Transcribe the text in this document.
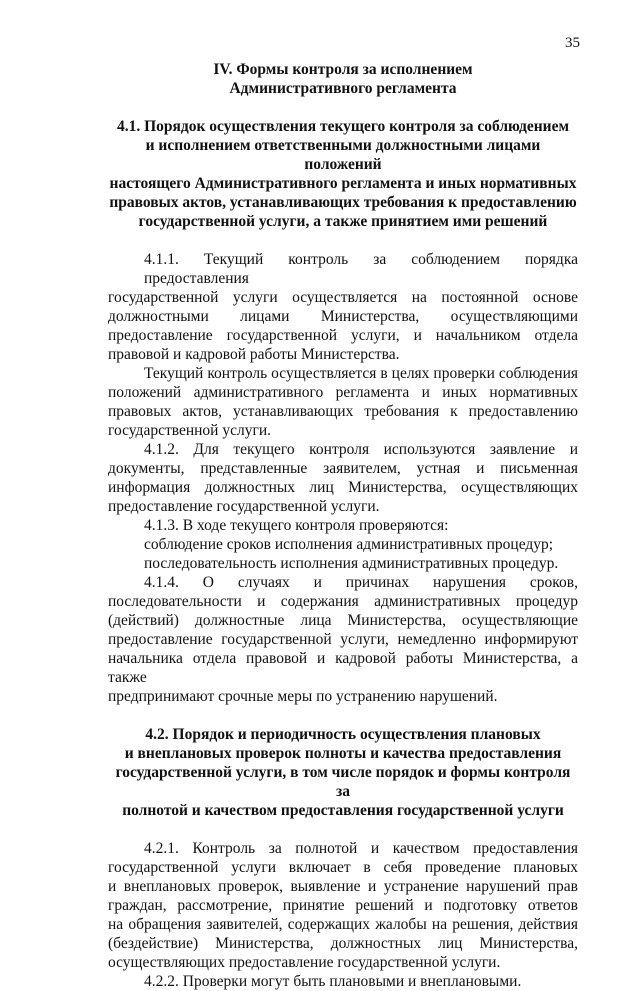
35
IV. Формы контроля за исполнением
Административного регламента
4.1. Порядок осуществления текущего контроля за соблюдением
и исполнением ответственными должностными лицами положений
настоящего Административного регламента и иных нормативных
правовых актов, устанавливающих требования к предоставлению
государственной услуги, а также принятием ими решений
4.1.1. Текущий контроль за соблюдением порядка предоставления
государственной услуги осуществляется на постоянной основе
должностными лицами Министерства, осуществляющими
предоставление государственной услуги, и начальником отдела
правовой и кадровой работы Министерства.
Текущий контроль осуществляется в целях проверки соблюдения
положений административного регламента и иных нормативных
правовых актов, устанавливающих требования к предоставлению
государственной услуги.
4.1.2. Для текущего контроля используются заявление и
документы, представленные заявителем, устная и письменная
информация должностных лиц Министерства, осуществляющих
предоставление государственной услуги.
4.1.3. В ходе текущего контроля проверяются:
соблюдение сроков исполнения административных процедур;
последовательность исполнения административных процедур.
4.1.4. О случаях и причинах нарушения сроков,
последовательности и содержания административных процедур
(действий) должностные лица Министерства, осуществляющие
предоставление государственной услуги, немедленно информируют
начальника отдела правовой и кадровой работы Министерства, а также
предпринимают срочные меры по устранению нарушений.
4.2. Порядок и периодичность осуществления плановых
и внеплановых проверок полноты и качества предоставления
государственной услуги, в том числе порядок и формы контроля за
полнотой и качеством предоставления государственной услуги
4.2.1. Контроль за полнотой и качеством предоставления
государственной услуги включает в себя проведение плановых
и внеплановых проверок, выявление и устранение нарушений прав
граждан, рассмотрение, принятие решений и подготовку ответов
на обращения заявителей, содержащих жалобы на решения, действия
(бездействие) Министерства, должностных лиц Министерства,
осуществляющих предоставление государственной услуги.
4.2.2. Проверки могут быть плановыми и внеплановыми.
